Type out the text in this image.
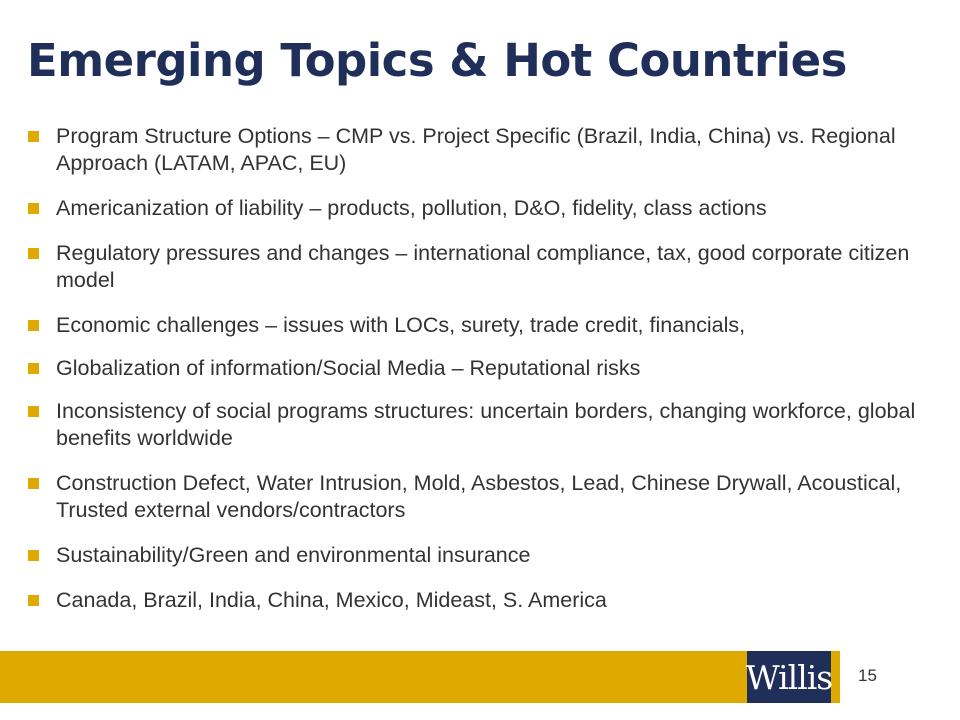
Emerging Topics & Hot Countries
Program Structure Options – CMP vs. Project Specific (Brazil, India, China) vs. Regional Approach (LATAM, APAC, EU)
Americanization of liability – products, pollution, D&O, fidelity, class actions
Regulatory pressures and changes – international compliance, tax, good corporate citizen model
Economic challenges – issues with LOCs, surety, trade credit, financials,
Globalization of information/Social Media – Reputational risks
Inconsistency of social programs structures: uncertain borders, changing workforce, global benefits worldwide
Construction Defect, Water Intrusion, Mold, Asbestos, Lead, Chinese Drywall, Acoustical, Trusted external vendors/contractors
Sustainability/Green and environmental insurance
Canada, Brazil, India, China, Mexico, Mideast, S. America
Willis 15
